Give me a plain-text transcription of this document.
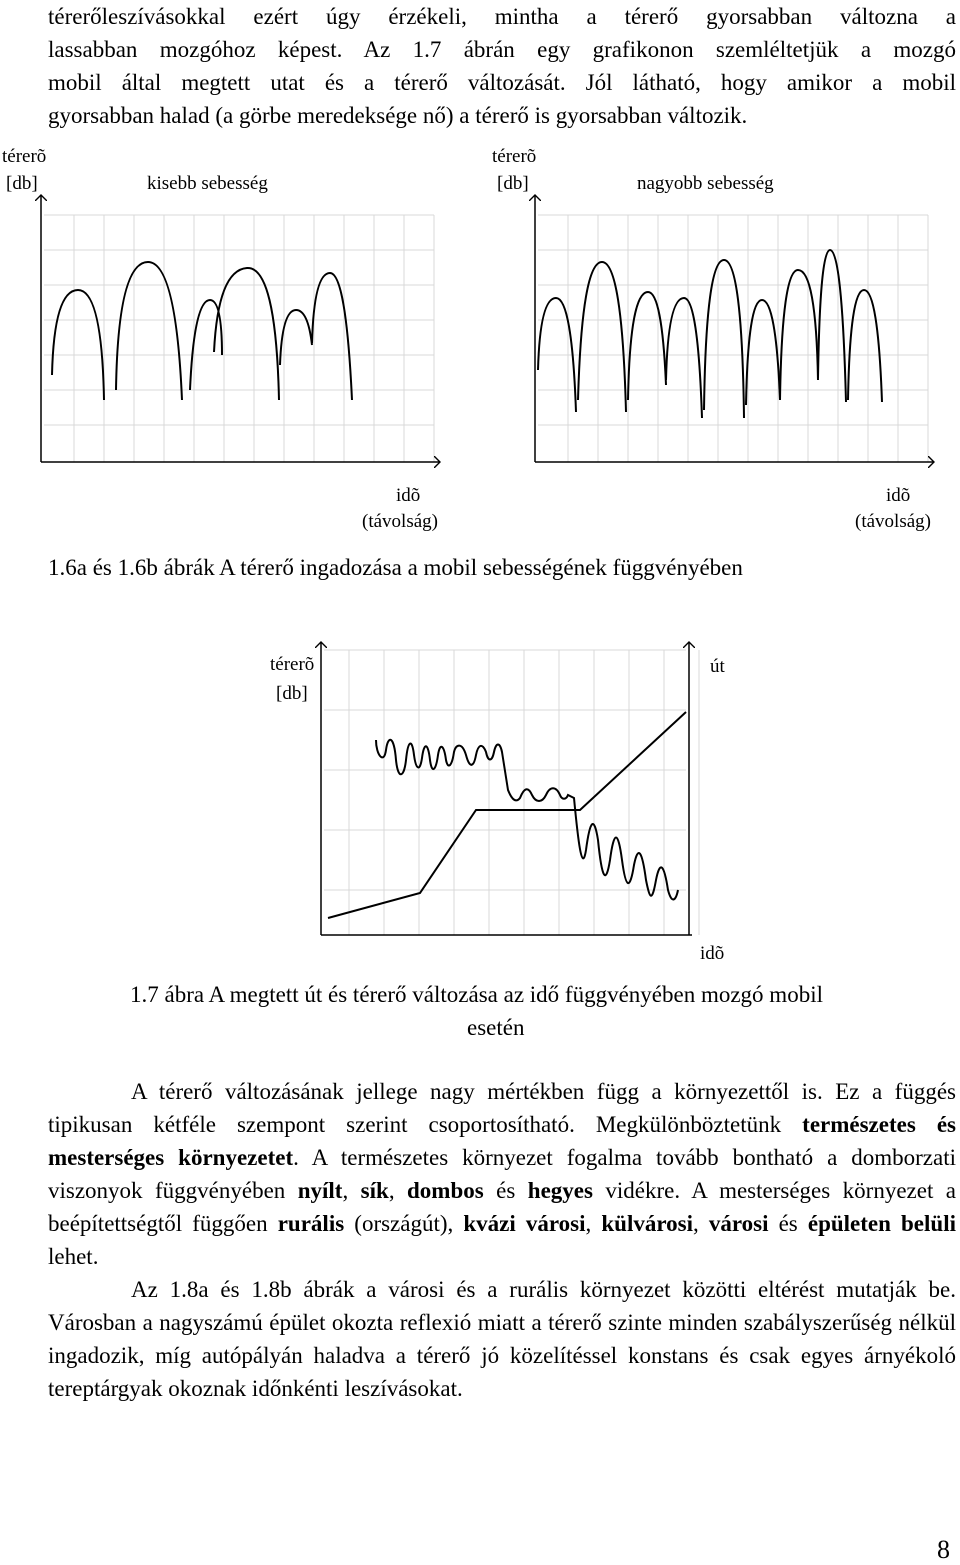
térerőleszívásokkal ezért úgy érzékeli, mintha a térerő gyorsabban változna a

lassabban mozgóhoz képest. Az 1.7 ábrán egy grafikonon szemléltetjük a mozgó

mobil által megtett utat és a térerő változását. Jól látható, hogy amikor a mobil

gyorsabban halad (a görbe meredeksége nő) a térerő is gyorsabban változik.

térerõ
[db]	kisebb sebesség
idõ
(távolság)
térerõ
[db]	nagyobb sebesség
idõ
(távolság)
1.6a és 1.6b ábrák A térerő ingadozása a mobil sebességének függvényében
térerõ
[db]
út
idõ
1.7 ábra A megtett út és térerő változása az idő függvényében mozgó mobil
esetén

A térerő változásának jellege nagy mértékben függ a környezettől is. Ez a függés tipikusan kétféle szempont szerint csoportosítható. Megkülönböztetünk természetes és mesterséges környezetet. A természetes környezet fogalma tovább bontható a domborzati viszonyok függvényében nyílt, sík, dombos és hegyes vidékre. A mesterséges környezet a beépítettségtől függően rurális (országút), kvázi városi, külvárosi, városi és épületen belüli lehet.

Az 1.8a és 1.8b ábrák a városi és a rurális környezet közötti eltérést mutatják be. Városban a nagyszámú épület okozta reflexió miatt a térerő szinte minden szabályszerűség nélkül ingadozik, míg autópályán haladva a térerő jó közelítéssel konstans és csak egyes árnyékoló tereptárgyak okoznak időnkénti leszívásokat.

8
